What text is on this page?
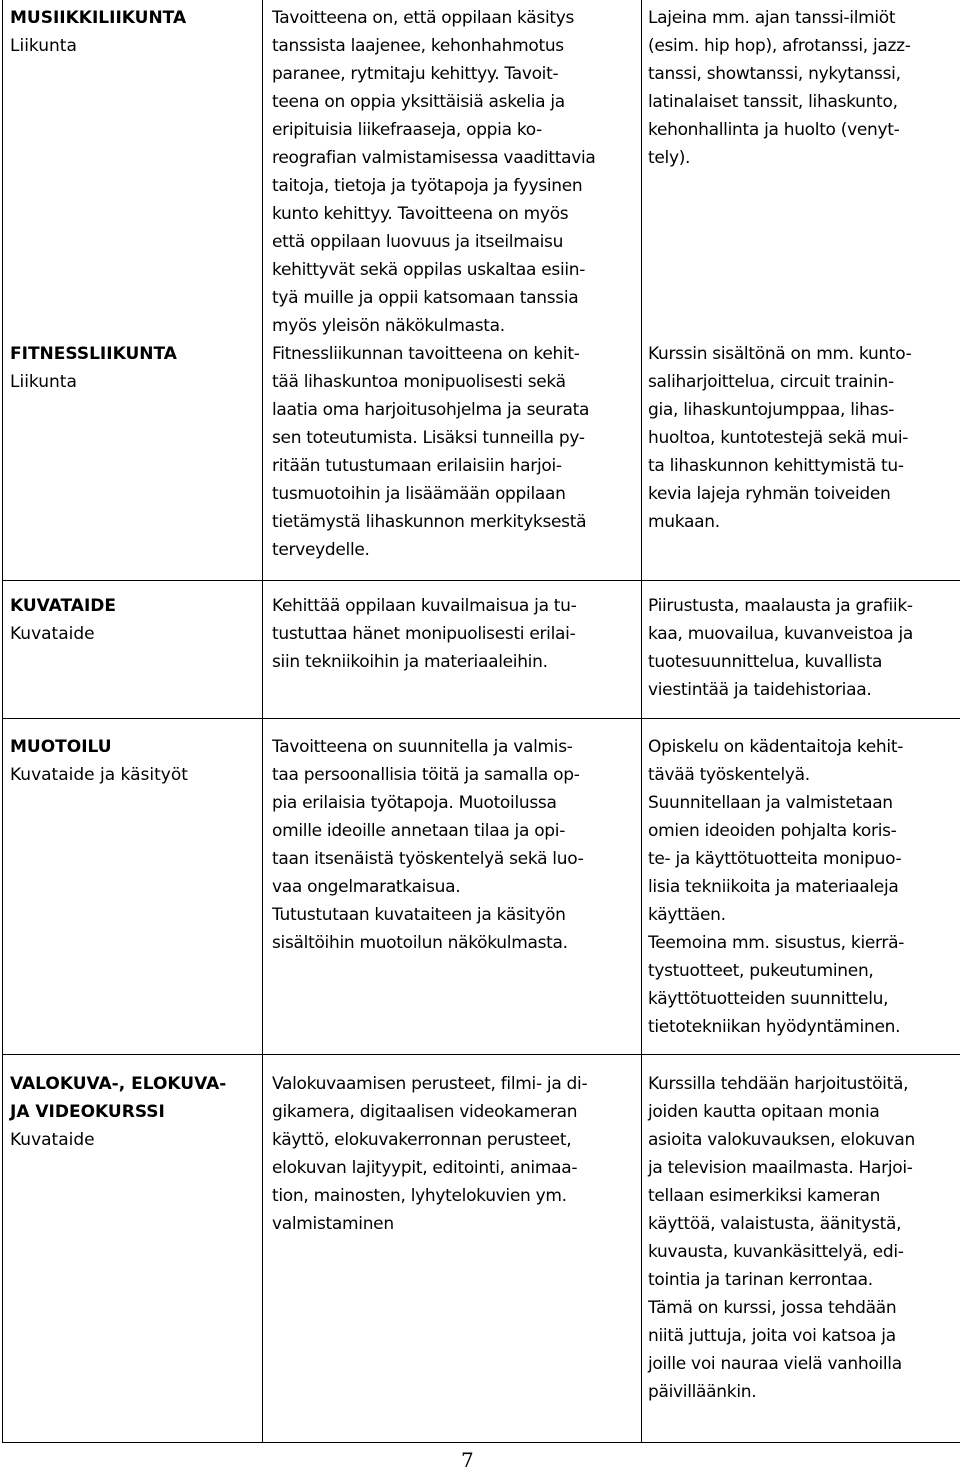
MUSIIKKILIIKUNTA

Liikunta

Tavoitteena on, että oppilaan käsitys

tanssista laajenee, kehonhahmotus

paranee, rytmitaju kehittyy. Tavoit-

teena on oppia yksittäisiä askelia ja

eripituisia liikefraaseja, oppia ko-

reografian valmistamisessa vaadittavia

taitoja, tietoja ja työtapoja ja fyysinen

kunto kehittyy. Tavoitteena on myös

että oppilaan luovuus ja itseilmaisu

kehittyvät sekä oppilas uskaltaa esiin-

tyä muille ja oppii katsomaan tanssia

myös yleisön näkökulmasta.

Lajeina mm. ajan tanssi-ilmiöt

(esim. hip hop), afrotanssi, jazz-

tanssi, showtanssi, nykytanssi,

latinalaiset tanssit, lihaskunto,

kehonhallinta ja huolto (venyt-

tely).

FITNESSLIIKUNTA

Liikunta

Fitnessliikunnan tavoitteena on kehit-

tää lihaskuntoa monipuolisesti sekä

laatia oma harjoitusohjelma ja seurata

sen toteutumista. Lisäksi tunneilla py-

ritään tutustumaan erilaisiin harjoi-

tusmuotoihin ja lisäämään oppilaan

tietämystä lihaskunnon merkityksestä

terveydelle.

Kurssin sisältönä on mm. kunto-

saliharjoittelua, circuit trainin-

gia, lihaskuntojumppaa, lihas-

huoltoa, kuntotestejä sekä mui-

ta lihaskunnon kehittymistä tu-

kevia lajeja ryhmän toiveiden

mukaan.

KUVATAIDE

Kuvataide

Kehittää oppilaan kuvailmaisua ja tu-

tustuttaa hänet monipuolisesti erilai-

siin tekniikoihin ja materiaaleihin.

Piirustusta, maalausta ja grafiik-

kaa, muovailua, kuvanveistoa ja

tuotesuunnittelua, kuvallista

viestintää ja taidehistoriaa.

MUOTOILU

Kuvataide ja käsityöt

Tavoitteena on suunnitella ja valmis-

taa persoonallisia töitä ja samalla op-

pia erilaisia työtapoja. Muotoilussa

omille ideoille annetaan tilaa ja opi-

taan itsenäistä työskentelyä sekä luo-

vaa ongelmaratkaisua.

Tutustutaan kuvataiteen ja käsityön

sisältöihin muotoilun näkökulmasta.

Opiskelu on kädentaitoja kehit-

tävää työskentelyä.

Suunnitellaan ja valmistetaan

omien ideoiden pohjalta koris-

te- ja käyttötuotteita monipuo-

lisia tekniikoita ja materiaaleja

käyttäen.

Teemoina mm. sisustus, kierrä-

tystuotteet, pukeutuminen,

käyttötuotteiden suunnittelu,

tietotekniikan hyödyntäminen.

VALOKUVA-, ELOKUVA-

JA VIDEOKURSSI

Kuvataide

Valokuvaamisen perusteet, filmi- ja di-

gikamera, digitaalisen videokameran

käyttö, elokuvakerronnan perusteet,

elokuvan lajityypit, editointi, animaa-

tion, mainosten, lyhytelokuvien ym.

valmistaminen

Kurssilla tehdään harjoitustöitä,

joiden kautta opitaan monia

asioita valokuvauksen, elokuvan

ja television maailmasta. Harjoi-

tellaan esimerkiksi kameran

käyttöä, valaistusta, äänitystä,

kuvausta, kuvankäsittelyä, edi-

tointia ja tarinan kerrontaa.

Tämä on kurssi, jossa tehdään

niitä juttuja, joita voi katsoa ja

joille voi nauraa vielä vanhoilla

päivilläänkin.

7
